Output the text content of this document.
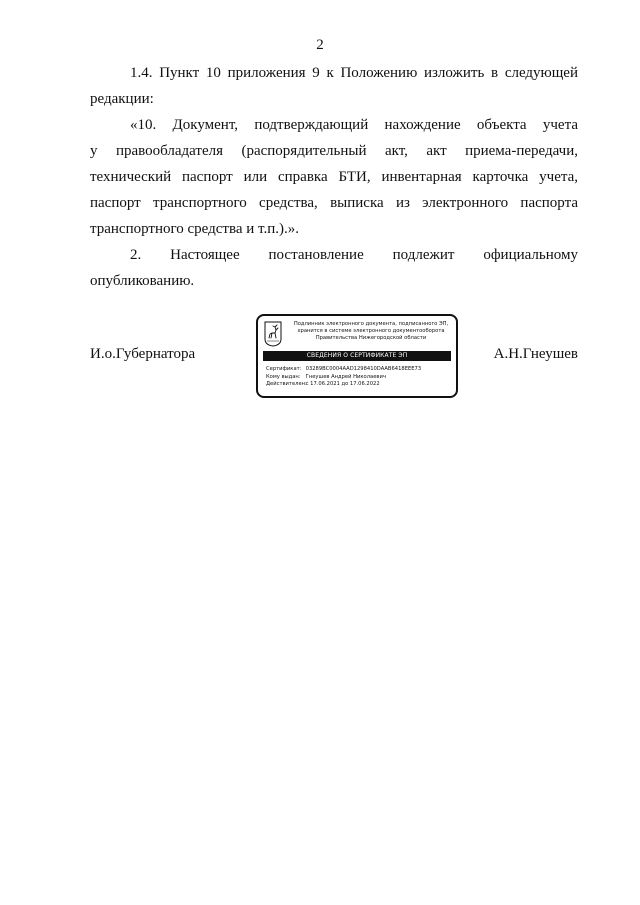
2

1.4. Пункт 10 приложения 9 к Положению изложить в следующей
редакции:

«10. Документ, подтверждающий нахождение объекта учета
у правообладателя (распорядительный акт, акт приема-передачи,
технический паспорт или справка БТИ, инвентарная карточка учета,
паспорт транспортного средства, выписка из электронного паспорта
транспортного средства и т.п.).».

2. Настоящее постановление подлежит официальному
опубликованию.

И.о.Губернатора	А.Н.Гнеушев
Подлинник электронного документа, подписанного ЭП,
хранится в системе электронного документооборота
Правительства Нижегородской области
СВЕДЕНИЯ О СЕРТИФИКАТЕ ЭП
Сертификат: 03289BC0004AAD1298410DAAB6418EEE73
Кому выдан: Гнеушев Андрей Николаевич
Действителен: с 17.06.2021 до 17.06.2022
